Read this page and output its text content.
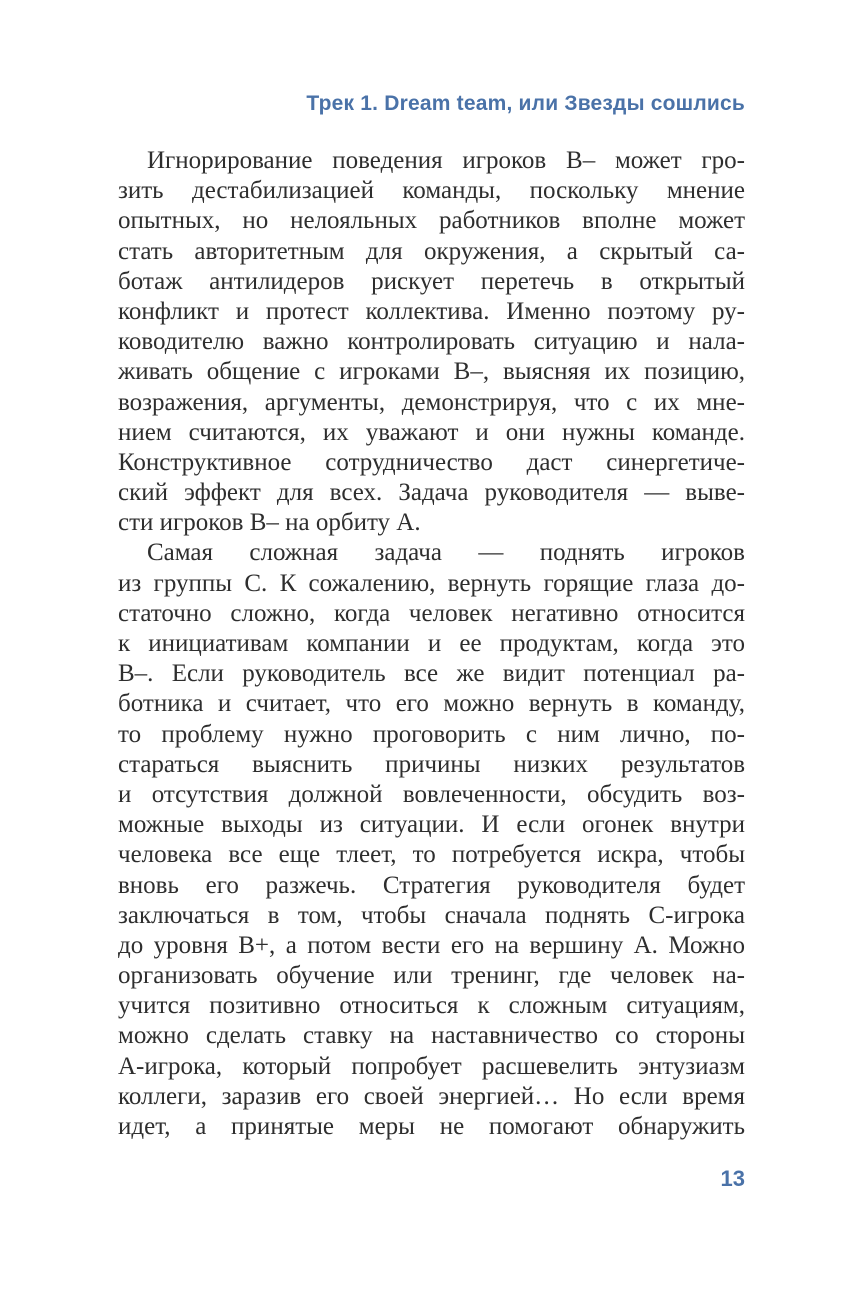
Трек 1. Dream team, или Звезды сошлись
Игнорирование поведения игроков B– может гро-
зить дестабилизацией команды, поскольку мнение
опытных, но нелояльных работников вполне может
стать авторитетным для окружения, а скрытый са-
ботаж антилидеров рискует перетечь в открытый
конфликт и протест коллектива. Именно поэтому ру-
ководителю важно контролировать ситуацию и нала-
живать общение с игроками B–, выясняя их позицию,
возражения, аргументы, демонстрируя, что с их мне-
нием считаются, их уважают и они нужны команде.
Конструктивное сотрудничество даст синергетиче-
ский эффект для всех. Задача руководителя — выве-
сти игроков B– на орбиту A.
Самая сложная задача — поднять игроков
из группы C. К сожалению, вернуть горящие глаза до-
статочно сложно, когда человек негативно относится
к инициативам компании и ее продуктам, когда это
B–. Если руководитель все же видит потенциал ра-
ботника и считает, что его можно вернуть в команду,
то проблему нужно проговорить с ним лично, по-
стараться выяснить причины низких результатов
и отсутствия должной вовлеченности, обсудить воз-
можные выходы из ситуации. И если огонек внутри
человека все еще тлеет, то потребуется искра, чтобы
вновь его разжечь. Стратегия руководителя будет
заключаться в том, чтобы сначала поднять C-игрока
до уровня B+, а потом вести его на вершину A. Можно
организовать обучение или тренинг, где человек на-
учится позитивно относиться к сложным ситуациям,
можно сделать ставку на наставничество со стороны
A-игрока, который попробует расшевелить энтузиазм
коллеги, заразив его своей энергией… Но если время
идет, а принятые меры не помогают обнаружить
13
